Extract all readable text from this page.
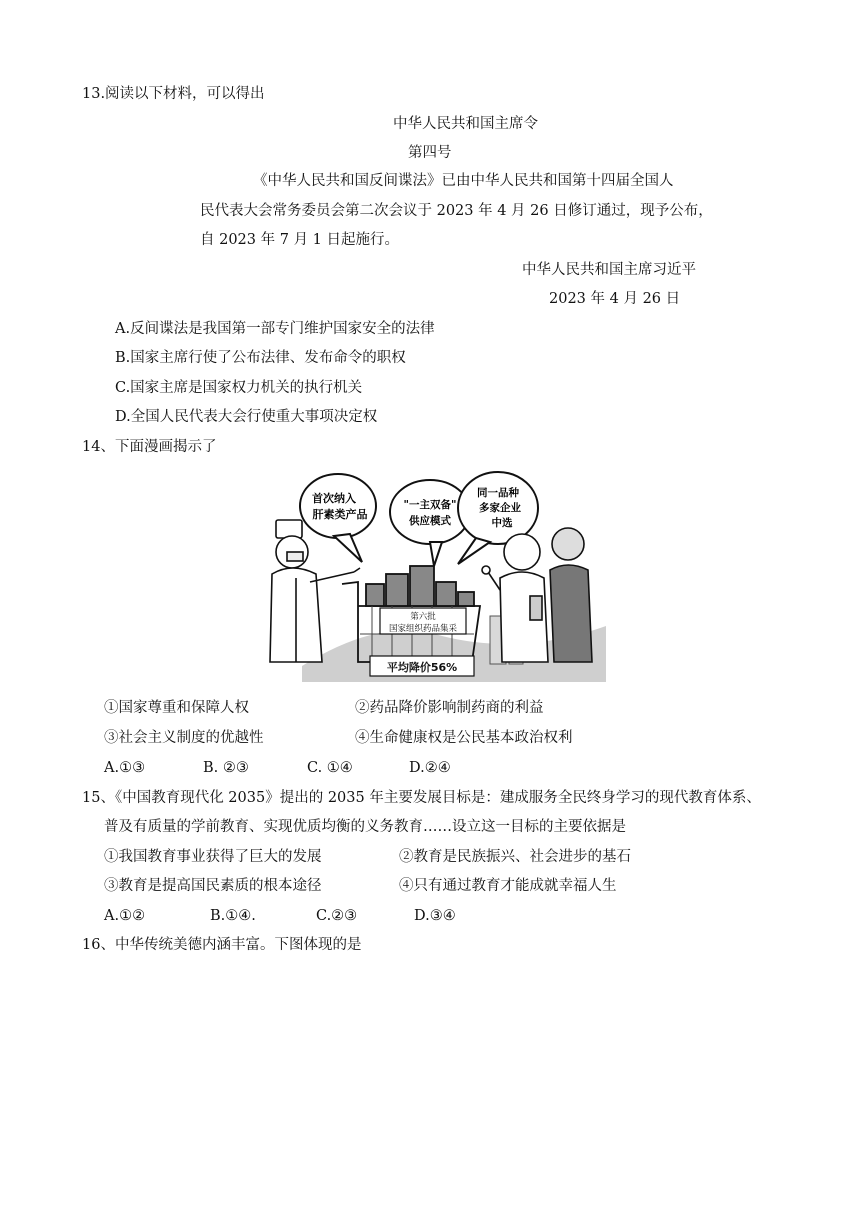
13.阅读以下材料，可以得出
中华人民共和国主席令
第四号
《中华人民共和国反间谍法》已由中华人民共和国第十四届全国人
民代表大会常务委员会第二次会议于 2023 年 4 月 26 日修订通过，现予公布，
自 2023 年 7 月 1 日起施行。
中华人民共和国主席习近平
2023 年 4 月 26 日
A.反间谍法是我国第一部专门维护国家安全的法律
B.国家主席行使了公布法律、发布命令的职权
C.国家主席是国家权力机关的执行机关
D.全国人民代表大会行使重大事项决定权
14、下面漫画揭示了
首次纳入
肝素类产品
"一主双备"
供应模式
同一品种
多家企业
中选
第六批
国家组织药品集采
平均降价56%
①国家尊重和保障人权	②药品降价影响制药商的利益
③社会主义制度的优越性	④生命健康权是公民基本政治权利
A.①③	B. ②③	C. ①④	D.②④
15、《中国教育现代化 2035》提出的 2035 年主要发展目标是：建成服务全民终身学习的现代教育体系、
普及有质量的学前教育、实现优质均衡的义务教育……设立这一目标的主要依据是
①我国教育事业获得了巨大的发展	②教育是民族振兴、社会进步的基石
③教育是提高国民素质的根本途径	④只有通过教育才能成就幸福人生
A.①②	B.①④.	C.②③	D.③④
16、中华传统美德内涵丰富。下图体现的是
